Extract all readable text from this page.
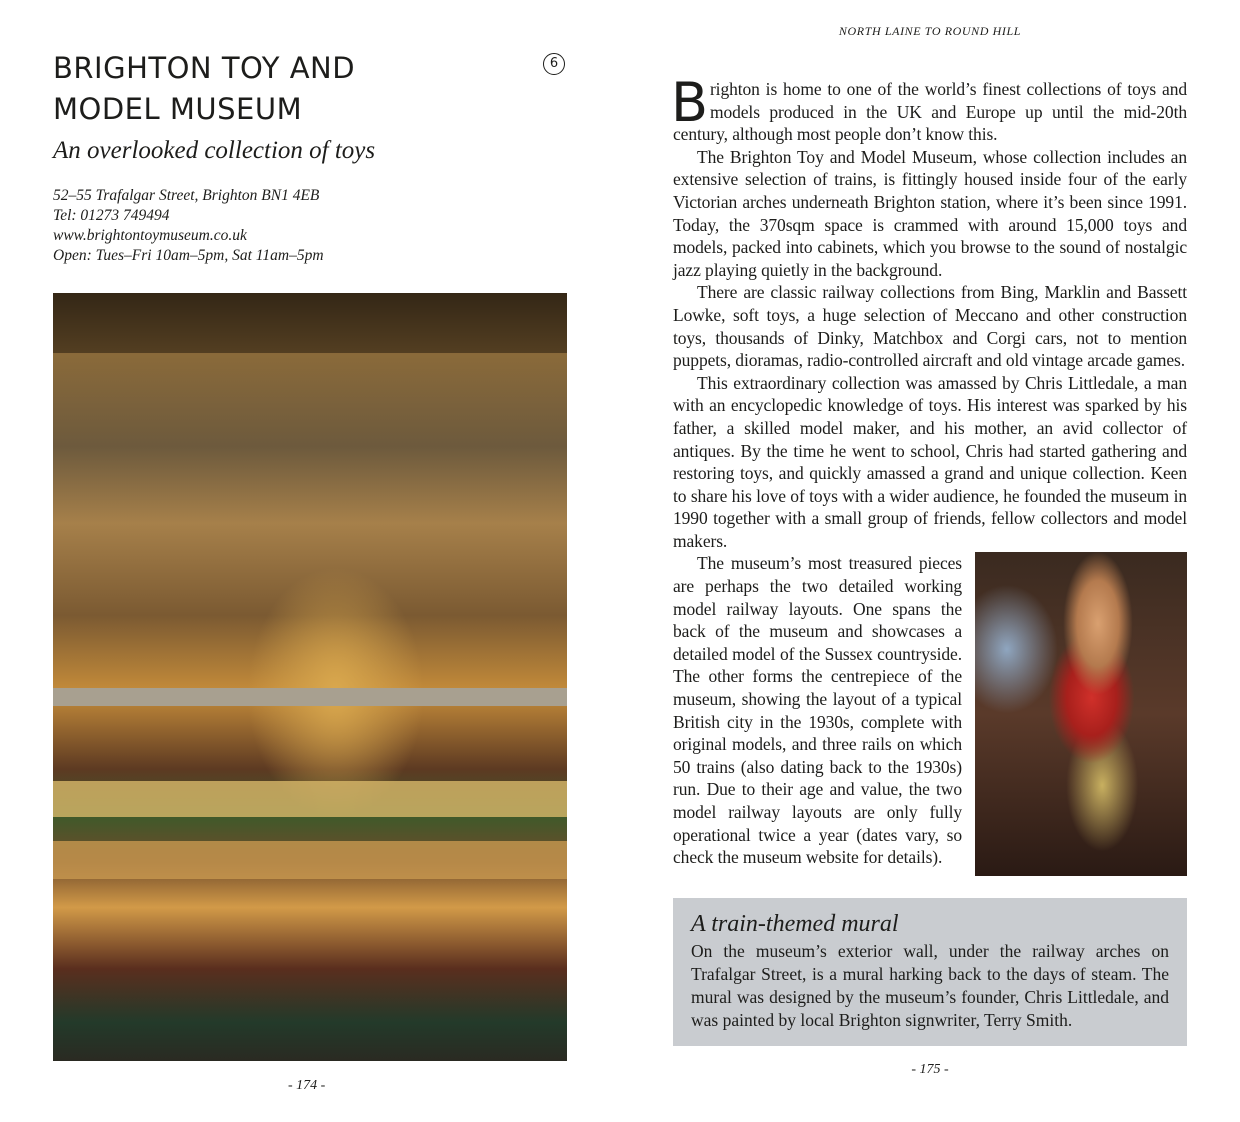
BRIGHTON TOY AND
MODEL MUSEUM
6
An overlooked collection of toys
52–55 Trafalgar Street, Brighton BN1 4EB
Tel: 01273 749494
www.brightontoymuseum.co.uk
Open: Tues–Fri 10am–5pm, Sat 11am–5pm
- 174 -
NORTH LAINE TO ROUND HILL

Brighton is home to one of the world’s finest collections of toys and models produced in the UK and Europe up until the mid-20th century, although most people don’t know this.

The Brighton Toy and Model Museum, whose collection includes an extensive selection of trains, is fittingly housed inside four of the early Victorian arches underneath Brighton station, where it’s been since 1991. Today, the 370sqm space is crammed with around 15,000 toys and models, packed into cabinets, which you browse to the sound of nostalgic jazz playing quietly in the background.

There are classic railway collections from Bing, Marklin and Bassett Lowke, soft toys, a huge selection of Meccano and other construction toys, thousands of Dinky, Matchbox and Corgi cars, not to mention puppets, dioramas, radio-controlled aircraft and old vintage arcade games.

This extraordinary collection was amassed by Chris Littledale, a man with an encyclopedic knowledge of toys. His interest was sparked by his father, a skilled model maker, and his mother, an avid collector of antiques. By the time he went to school, Chris had started gathering and restoring toys, and quickly amassed a grand and unique collection. Keen to share his love of toys with a wider audience, he founded the museum in 1990 together with a small group of friends, fellow collectors and model makers.

The museum’s most treasured pieces are perhaps the two detailed working model railway layouts. One spans the back of the museum and showcases a detailed model of the Sussex countryside. The other forms the centrepiece of the museum, showing the layout of a typical British city in the 1930s, complete with original models, and three rails on which 50 trains (also dating back to the 1930s) run. Due to their age and value, the two model railway layouts are only fully operational twice a year (dates vary, so check the museum website for details).

A train-themed mural

On the museum’s exterior wall, under the railway arches on Trafalgar Street, is a mural harking back to the days of steam. The mural was designed by the museum’s founder, Chris Littledale, and was painted by local Brighton signwriter, Terry Smith.

- 175 -
